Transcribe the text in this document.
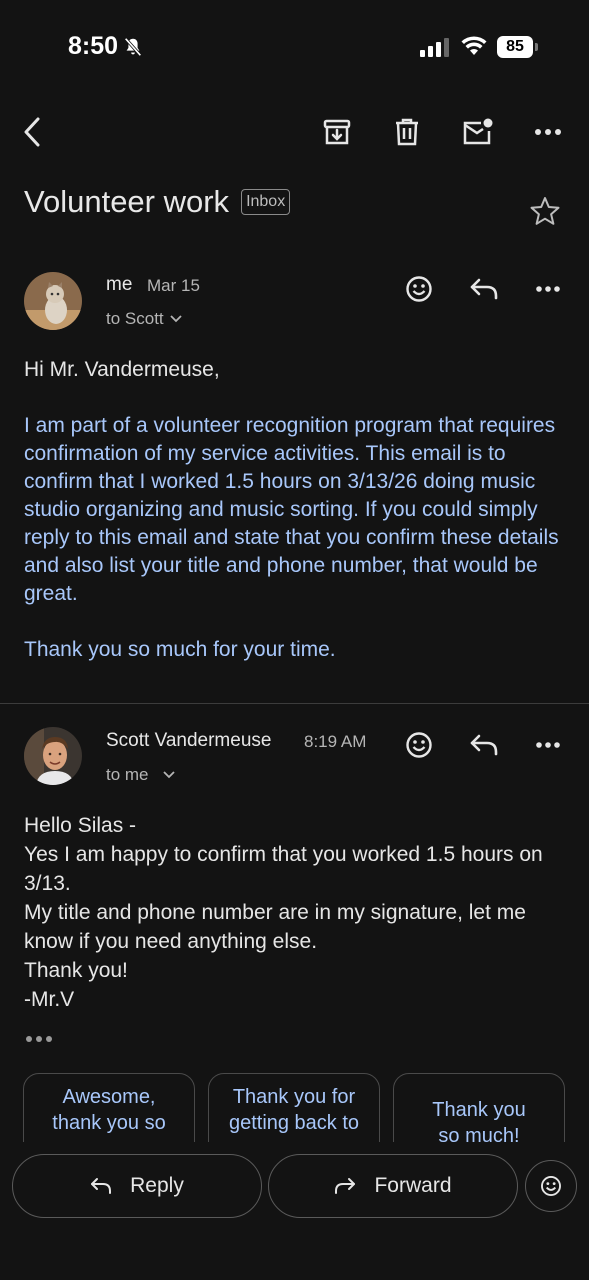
8:50	85
Volunteer work	Inbox
me Mar 15
to Scott
Hi Mr. Vandermeuse,
I am part of a volunteer recognition program that requires confirmation of my service activities. This email is to confirm that I worked 1.5 hours on 3/13/26 doing music studio organizing and music sorting. If you could simply reply to this email and state that you confirm these details and also list your title and phone number, that would be great.
Thank you so much for your time.
Scott Vandermeuse 8:19 AM
to me
Hello Silas -
Yes I am happy to confirm that you worked 1.5 hours on 3/13.
My title and phone number are in my signature, let me know if you need anything else.
Thank you!
-Mr.V
Awesome,
thank you so
Thank you for
getting back to
Thank you
so much!
Reply	Forward
